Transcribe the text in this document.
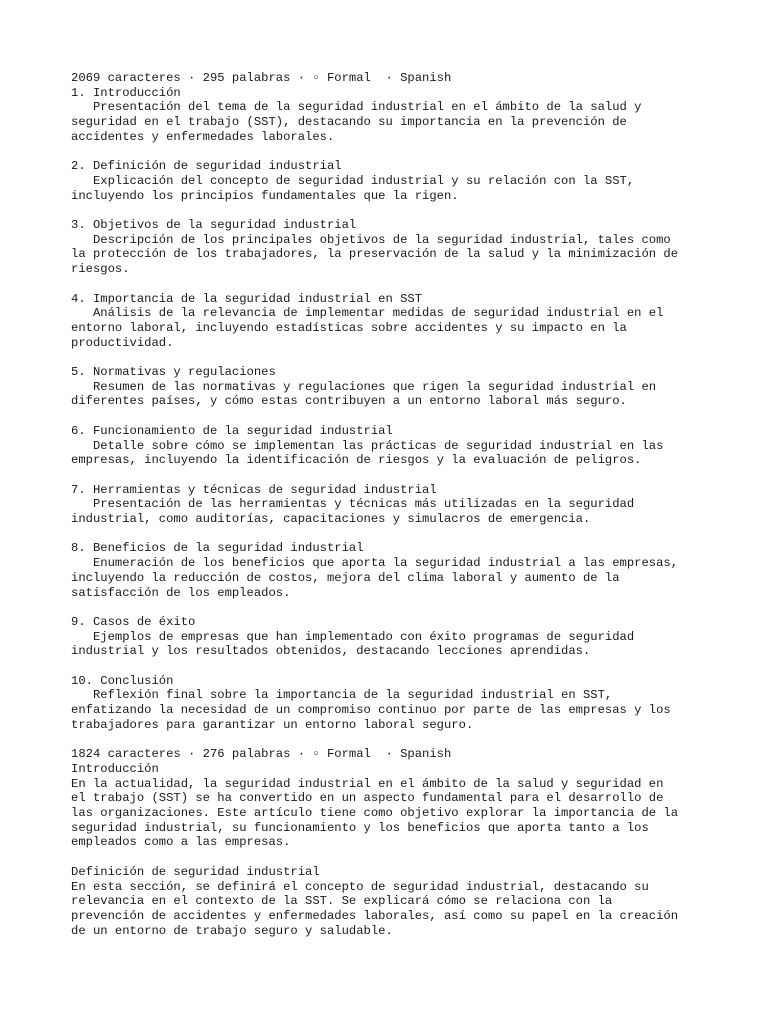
2069 caracteres · 295 palabras · ▫ Formal  · Spanish
1. Introducción
Presentación del tema de la seguridad industrial en el ámbito de la salud y
seguridad en el trabajo (SST), destacando su importancia en la prevención de
accidentes y enfermedades laborales.
2. Definición de seguridad industrial
Explicación del concepto de seguridad industrial y su relación con la SST,
incluyendo los principios fundamentales que la rigen.
3. Objetivos de la seguridad industrial
Descripción de los principales objetivos de la seguridad industrial, tales como
la protección de los trabajadores, la preservación de la salud y la minimización de
riesgos.
4. Importancia de la seguridad industrial en SST
Análisis de la relevancia de implementar medidas de seguridad industrial en el
entorno laboral, incluyendo estadísticas sobre accidentes y su impacto en la
productividad.
5. Normativas y regulaciones
Resumen de las normativas y regulaciones que rigen la seguridad industrial en
diferentes países, y cómo estas contribuyen a un entorno laboral más seguro.
6. Funcionamiento de la seguridad industrial
Detalle sobre cómo se implementan las prácticas de seguridad industrial en las
empresas, incluyendo la identificación de riesgos y la evaluación de peligros.
7. Herramientas y técnicas de seguridad industrial
Presentación de las herramientas y técnicas más utilizadas en la seguridad
industrial, como auditorías, capacitaciones y simulacros de emergencia.
8. Beneficios de la seguridad industrial
Enumeración de los beneficios que aporta la seguridad industrial a las empresas,
incluyendo la reducción de costos, mejora del clima laboral y aumento de la
satisfacción de los empleados.
9. Casos de éxito
Ejemplos de empresas que han implementado con éxito programas de seguridad
industrial y los resultados obtenidos, destacando lecciones aprendidas.
10. Conclusión
Reflexión final sobre la importancia de la seguridad industrial en SST,
enfatizando la necesidad de un compromiso continuo por parte de las empresas y los
trabajadores para garantizar un entorno laboral seguro.
1824 caracteres · 276 palabras · ▫ Formal  · Spanish
Introducción
En la actualidad, la seguridad industrial en el ámbito de la salud y seguridad en
el trabajo (SST) se ha convertido en un aspecto fundamental para el desarrollo de
las organizaciones. Este artículo tiene como objetivo explorar la importancia de la
seguridad industrial, su funcionamiento y los beneficios que aporta tanto a los
empleados como a las empresas.
Definición de seguridad industrial
En esta sección, se definirá el concepto de seguridad industrial, destacando su
relevancia en el contexto de la SST. Se explicará cómo se relaciona con la
prevención de accidentes y enfermedades laborales, así como su papel en la creación
de un entorno de trabajo seguro y saludable.
